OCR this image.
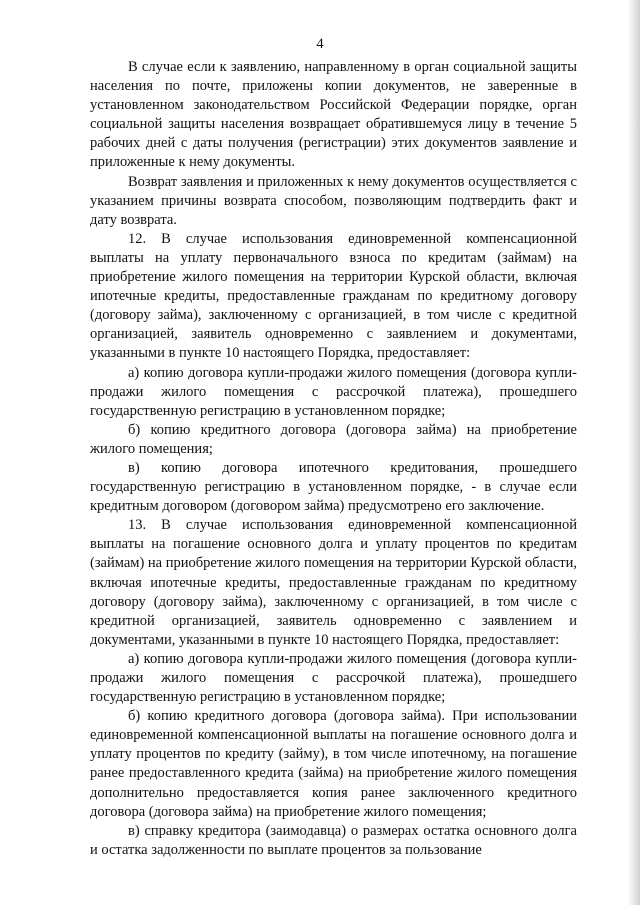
4

В случае если к заявлению, направленному в орган социальной защиты населения по почте, приложены копии документов, не заверенные в установленном законодательством Российской Федерации порядке, орган социальной защиты населения возвращает обратившемуся лицу в течение 5 рабочих дней с даты получения (регистрации) этих документов заявление и приложенные к нему документы.

Возврат заявления и приложенных к нему документов осуществляется с указанием причины возврата способом, позволяющим подтвердить факт и дату возврата.

12. В случае использования единовременной компенсационной выплаты на уплату первоначального взноса по кредитам (займам) на приобретение жилого помещения на территории Курской области, включая ипотечные кредиты, предоставленные гражданам по кредитному договору (договору займа), заключенному с организацией, в том числе с кредитной организацией, заявитель одновременно с заявлением и документами, указанными в пункте 10 настоящего Порядка, предоставляет:

а) копию договора купли-продажи жилого помещения (договора купли-продажи жилого помещения с рассрочкой платежа), прошедшего государственную регистрацию в установленном порядке;

б) копию кредитного договора (договора займа) на приобретение жилого помещения;

в) копию договора ипотечного кредитования, прошедшего государственную регистрацию в установленном порядке, - в случае если кредитным договором (договором займа) предусмотрено его заключение.

13. В случае использования единовременной компенсационной выплаты на погашение основного долга и уплату процентов по кредитам (займам) на приобретение жилого помещения на территории Курской области, включая ипотечные кредиты, предоставленные гражданам по кредитному договору (договору займа), заключенному с организацией, в том числе с кредитной организацией, заявитель одновременно с заявлением и документами, указанными в пункте 10 настоящего Порядка, предоставляет:

а) копию договора купли-продажи жилого помещения (договора купли-продажи жилого помещения с рассрочкой платежа), прошедшего государственную регистрацию в установленном порядке;

б) копию кредитного договора (договора займа). При использовании единовременной компенсационной выплаты на погашение основного долга и уплату процентов по кредиту (займу), в том числе ипотечному, на погашение ранее предоставленного кредита (займа) на приобретение жилого помещения дополнительно предоставляется копия ранее заключенного кредитного договора (договора займа) на приобретение жилого помещения;

в) справку кредитора (заимодавца) о размерах остатка основного долга и остатка задолженности по выплате процентов за пользование
